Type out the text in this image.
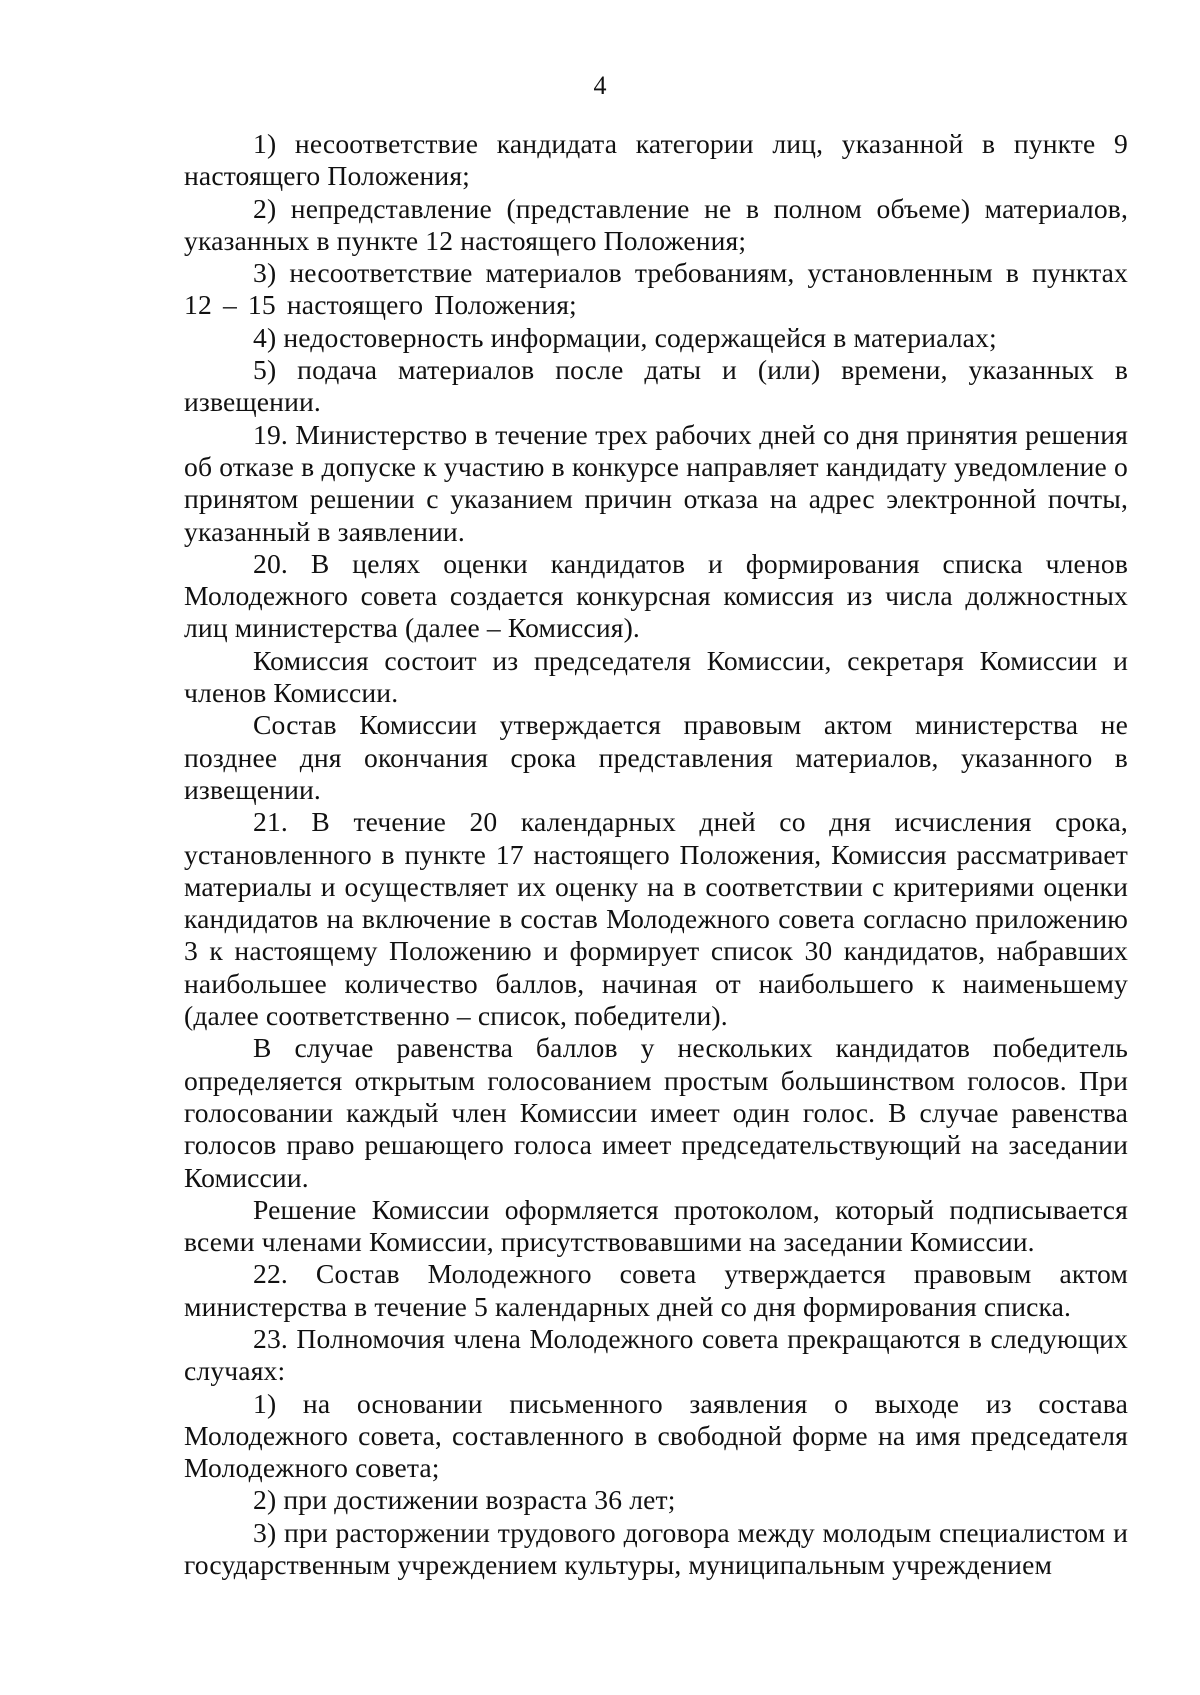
4

1) несоответствие кандидата категории лиц, указанной в пункте 9 настоящего Положения;

2) непредставление (представление не в полном объеме) материалов, указанных в пункте 12 настоящего Положения;

3) несоответствие материалов требованиям, установленным в пунктах 12 – 15 настоящего Положения;

4) недостоверность информации, содержащейся в материалах;

5) подача материалов после даты и (или) времени, указанных в извещении.

19. Министерство в течение трех рабочих дней со дня принятия решения об отказе в допуске к участию в конкурсе направляет кандидату уведомление о принятом решении с указанием причин отказа на адрес электронной почты, указанный в заявлении.

20. В целях оценки кандидатов и формирования списка членов Молодежного совета создается конкурсная комиссия из числа должностных лиц министерства (далее – Комиссия).

Комиссия состоит из председателя Комиссии, секретаря Комиссии и членов Комиссии.

Состав Комиссии утверждается правовым актом министерства не позднее дня окончания срока представления материалов, указанного в извещении.

21. В течение 20 календарных дней со дня исчисления срока, установленного в пункте 17 настоящего Положения, Комиссия рассматривает материалы и осуществляет их оценку на в соответствии с критериями оценки кандидатов на включение в состав Молодежного совета согласно приложению 3 к настоящему Положению и формирует список 30 кандидатов, набравших наибольшее количество баллов, начиная от наибольшего к наименьшему (далее соответственно – список, победители).

В случае равенства баллов у нескольких кандидатов победитель определяется открытым голосованием простым большинством голосов. При голосовании каждый член Комиссии имеет один голос. В случае равенства голосов право решающего голоса имеет председательствующий на заседании Комиссии.

Решение Комиссии оформляется протоколом, который подписывается всеми членами Комиссии, присутствовавшими на заседании Комиссии.

22. Состав Молодежного совета утверждается правовым актом министерства в течение 5 календарных дней со дня формирования списка.

23. Полномочия члена Молодежного совета прекращаются в следующих случаях:

1) на основании письменного заявления о выходе из состава Молодежного совета, составленного в свободной форме на имя председателя Молодежного совета;

2) при достижении возраста 36 лет;

3) при расторжении трудового договора между молодым специалистом и государственным учреждением культуры, муниципальным учреждением
